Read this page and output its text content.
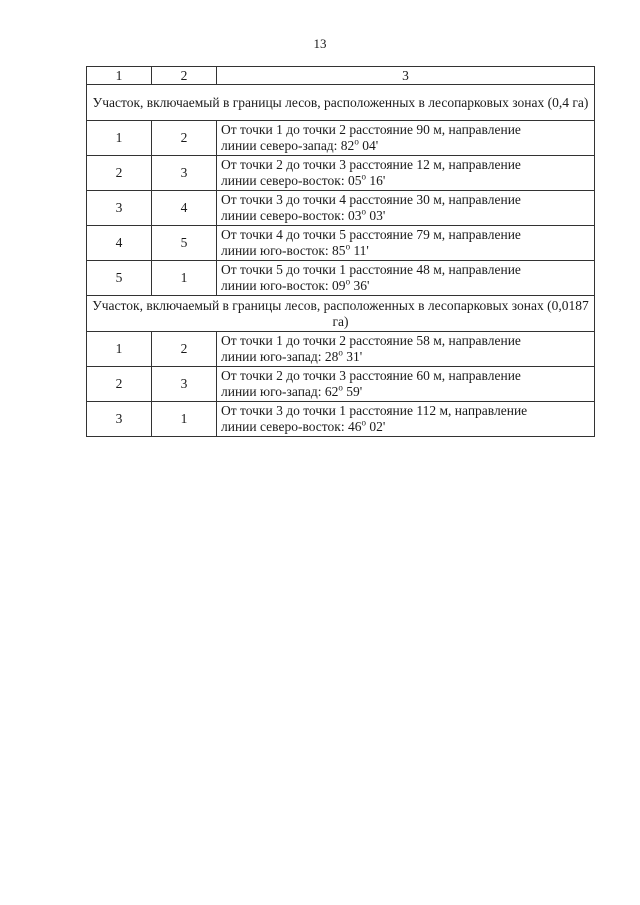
13
1	2	3
Участок, включаемый в границы лесов, расположенных в лесопарковых зонах (0,4 га)		
1	2	От точки 1 до точки 2 расстояние 90 м, направление
линии северо-запад: $82^о$ 04'
2	3	От точки 2 до точки 3 расстояние 12 м, направление
линии северо-восток: $05^о$ 16'
3	4	От точки 3 до точки 4 расстояние 30 м, направление
линии северо-восток: $03^о$ 03'
4	5	От точки 4 до точки 5 расстояние 79 м, направление
линии юго-восток: $85^о$ 11'
5	1	От точки 5 до точки 1 расстояние 48 м, направление
линии юго-восток: $09^о$ 36'
Участок, включаемый в границы лесов, расположенных в лесопарковых зонах (0,0187 га)		
1	2	От точки 1 до точки 2 расстояние 58 м, направление
линии юго-запад: $28^о$ 31'
2	3	От точки 2 до точки 3 расстояние 60 м, направление
линии юго-запад: $62^о$ 59'
3	1	От точки 3 до точки 1 расстояние 112 м, направление
линии северо-восток: $46^о$ 02'
